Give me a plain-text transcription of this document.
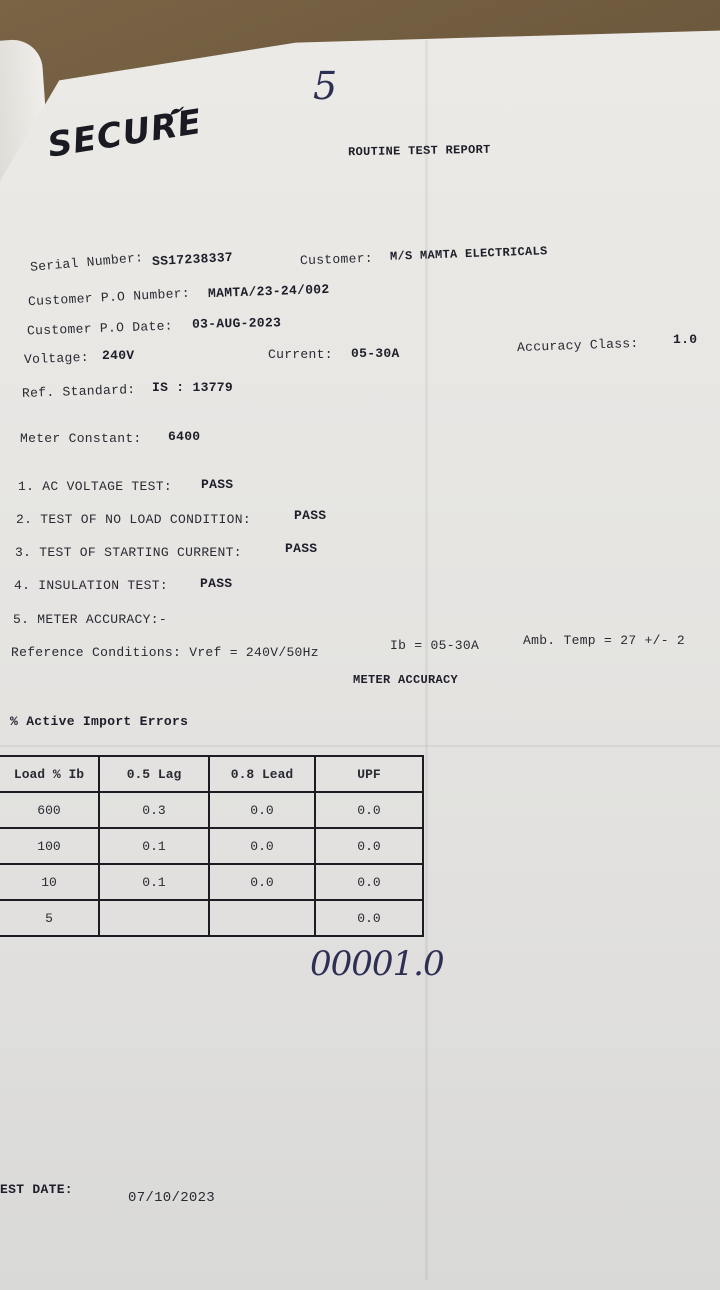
5
SECURE	ROUTINE TEST REPORT
Serial Number: SS17238337	Customer: M/S MAMTA ELECTRICALS
Customer P.O Number: MAMTA/23-24/002
Customer P.O Date: 03-AUG-2023
Voltage: 240V	Current: 05-30A	Accuracy Class:	1.0
Ref. Standard: IS : 13779
Meter Constant: 6400
1. AC VOLTAGE TEST: PASS
2. TEST OF NO LOAD CONDITION:	PASS
3. TEST OF STARTING CURRENT:	PASS
4. INSULATION TEST: PASS
5. METER ACCURACY:-
Reference Conditions: Vref = 240V/50Hz	Ib = 05-30A	Amb. Temp = 27 +/- 2
METER ACCURACY
% Active Import Errors
Load % Ib	0.5 Lag	0.8 Lead	UPF
600	0.3	0.0	0.0
100	0.1	0.0	0.0
10	0.1	0.0	0.0
5			0.0
00001.0
EST DATE:
07/10/2023
